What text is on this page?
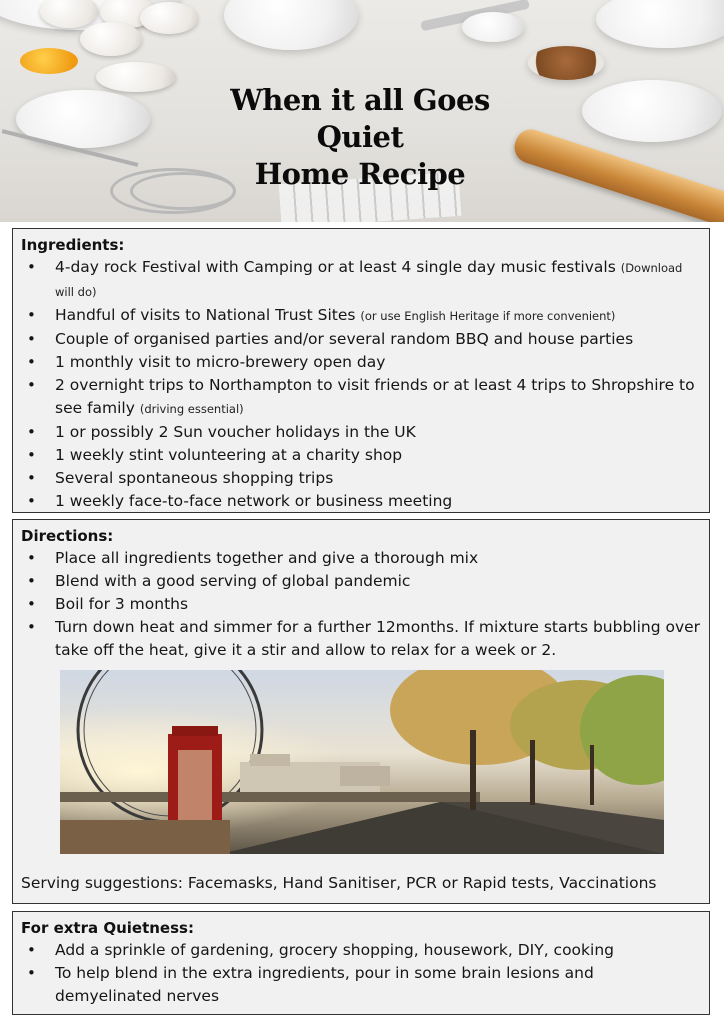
When it all Goes Quiet
Home Recipe
Ingredients:
• 4-day rock Festival with Camping or at least 4 single day music festivals (Download will do)
• Handful of visits to National Trust Sites (or use English Heritage if more convenient)
• Couple of organised parties and/or several random BBQ and house parties
• 1 monthly visit to micro-brewery open day
• 2 overnight trips to Northampton to visit friends or at least 4 trips to Shropshire to see family (driving essential)
• 1 or possibly 2 Sun voucher holidays in the UK
• 1 weekly stint volunteering at a charity shop
• Several spontaneous shopping trips
• 1 weekly face-to-face network or business meeting
Directions:
• Place all ingredients together and give a thorough mix
• Blend with a good serving of global pandemic
• Boil for 3 months
• Turn down heat and simmer for a further 12months. If mixture starts bubbling over take off the heat, give it a stir and allow to relax for a week or 2.
Serving suggestions: Facemasks, Hand Sanitiser, PCR or Rapid tests, Vaccinations
For extra Quietness:
• Add a sprinkle of gardening, grocery shopping, housework, DIY, cooking
• To help blend in the extra ingredients, pour in some brain lesions and demyelinated nerves
